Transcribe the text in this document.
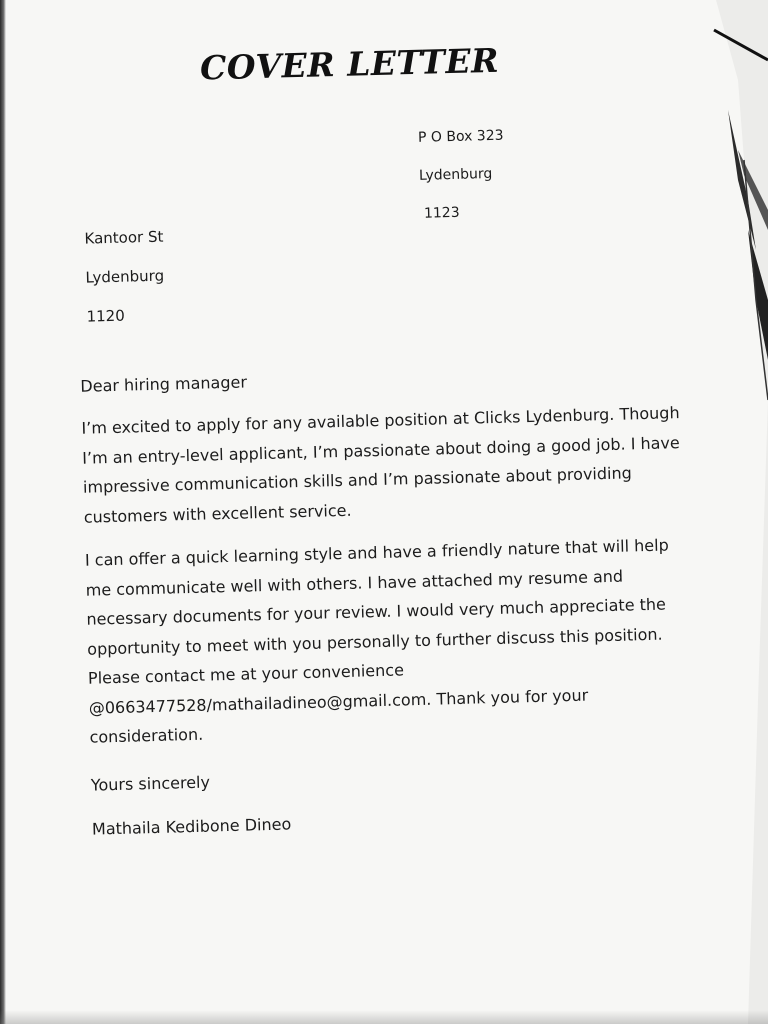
COVER LETTER
P O Box 323
Lydenburg
1123
Kantoor St
Lydenburg
1120

Dear hiring manager

I’m excited to apply for any available position at Clicks Lydenburg. Though I’m an entry-level applicant, I’m passionate about doing a good job. I have impressive communication skills and I’m passionate about providing customers with excellent service.

I can offer a quick learning style and have a friendly nature that will help me communicate well with others. I have attached my resume and necessary documents for your review. I would very much appreciate the opportunity to meet with you personally to further discuss this position. Please contact me at your convenience @0663477528/mathailadineo@gmail.com. Thank you for your consideration.

Yours sincerely

Mathaila Kedibone Dineo
